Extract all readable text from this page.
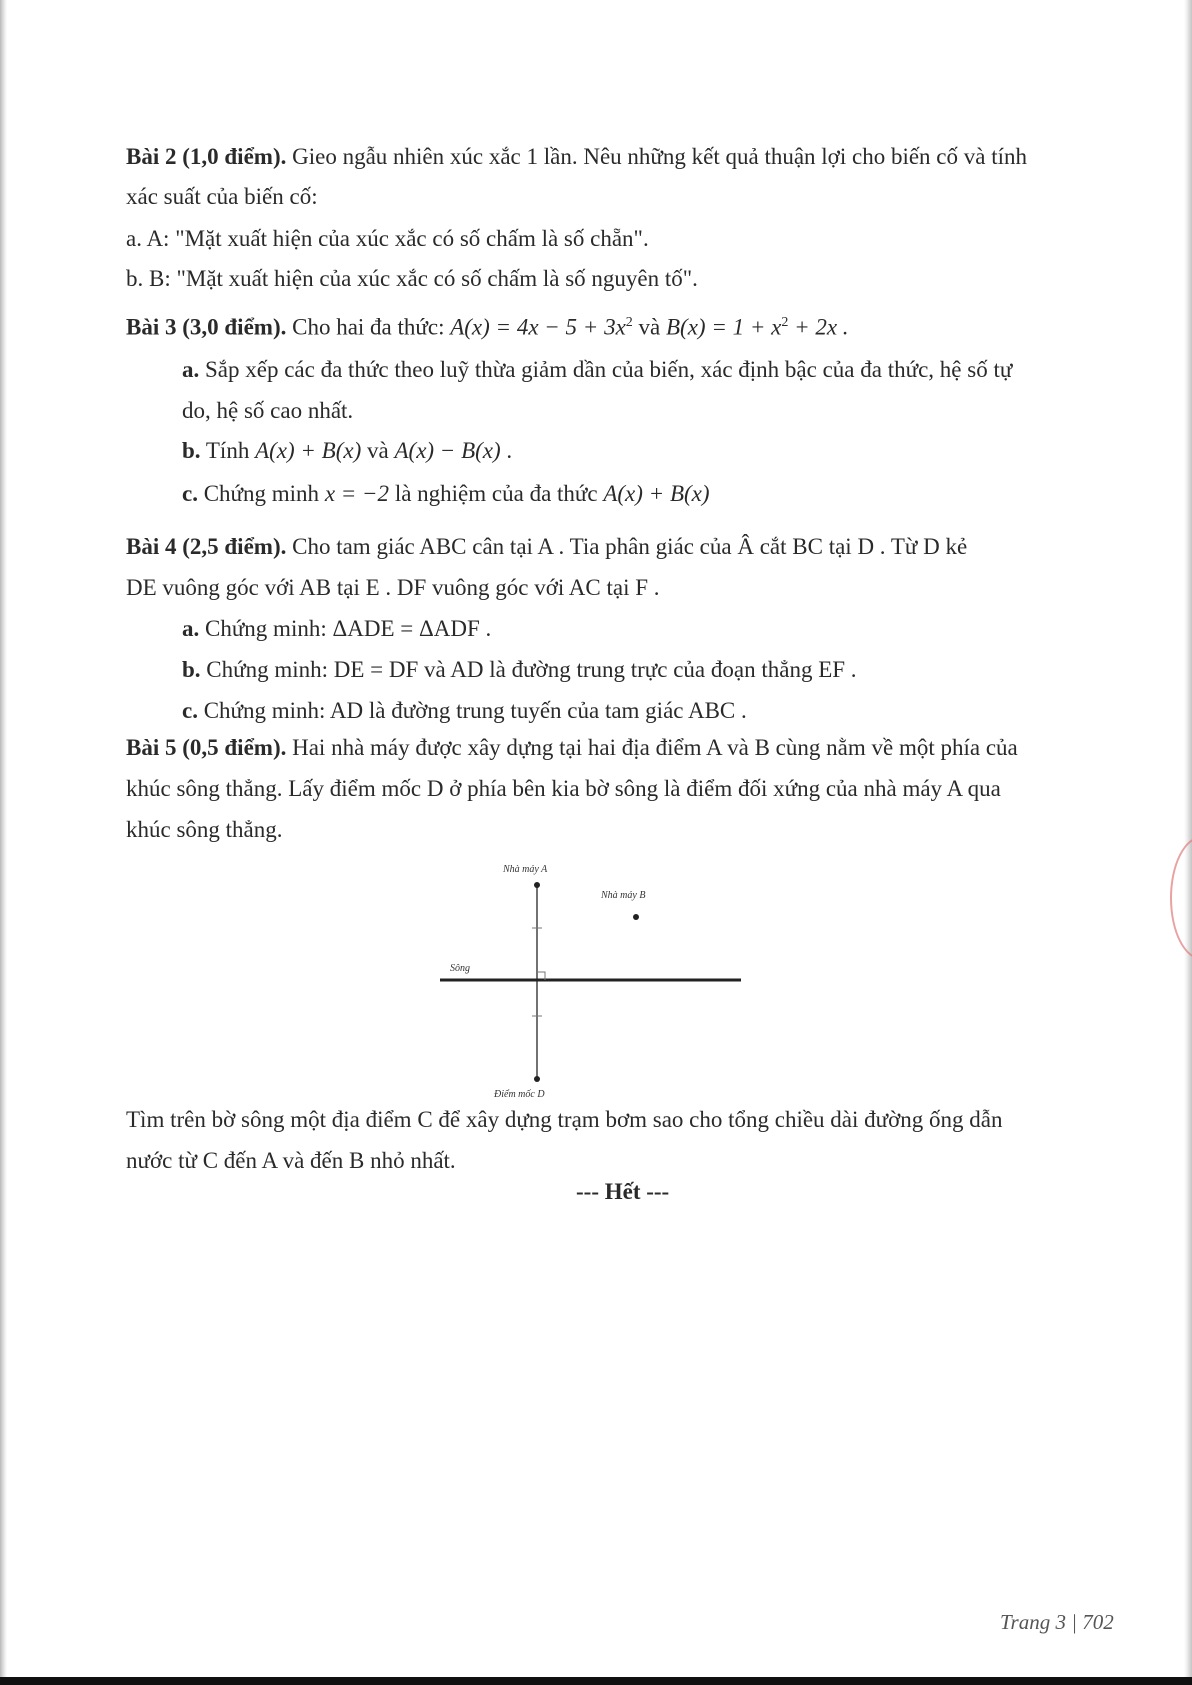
Bài 2 (1,0 điểm). Gieo ngẫu nhiên xúc xắc 1 lần. Nêu những kết quả thuận lợi cho biến cố và tính
xác suất của biến cố:
a. A: "Mặt xuất hiện của xúc xắc có số chấm là số chẵn".
b. B: "Mặt xuất hiện của xúc xắc có số chấm là số nguyên tố".
Bài 3 (3,0 điểm). Cho hai đa thức: $A(x) = 4x - 5 + 3x^2$ và $B(x) = 1 + x^2 + 2x$ .
a. Sắp xếp các đa thức theo luỹ thừa giảm dần của biến, xác định bậc của đa thức, hệ số tự
do, hệ số cao nhất.
b. Tính A(x) + B(x) và A(x) − B(x) .
c. Chứng minh x = −2 là nghiệm của đa thức A(x) + B(x)
Bài 4 (2,5 điểm). Cho tam giác ABC cân tại A . Tia phân giác của Â cắt BC tại D . Từ D kẻ
DE vuông góc với AB tại E . DF vuông góc với AC tại F .
a. Chứng minh: ΔADE = ΔADF .
b. Chứng minh: DE = DF và AD là đường trung trực của đoạn thẳng EF .
c. Chứng minh: AD là đường trung tuyến của tam giác ABC .
Bài 5 (0,5 điểm). Hai nhà máy được xây dựng tại hai địa điểm A và B cùng nằm về một phía của
khúc sông thẳng. Lấy điểm mốc D ở phía bên kia bờ sông là điểm đối xứng của nhà máy A qua
khúc sông thẳng.
Tìm trên bờ sông một địa điểm C để xây dựng trạm bơm sao cho tổng chiều dài đường ống dẫn
nước từ C đến A và đến B nhỏ nhất.
Nhà máy A
Nhà máy B
Sông
Điểm mốc D
--- Hết ---
Trang 3 | 702
